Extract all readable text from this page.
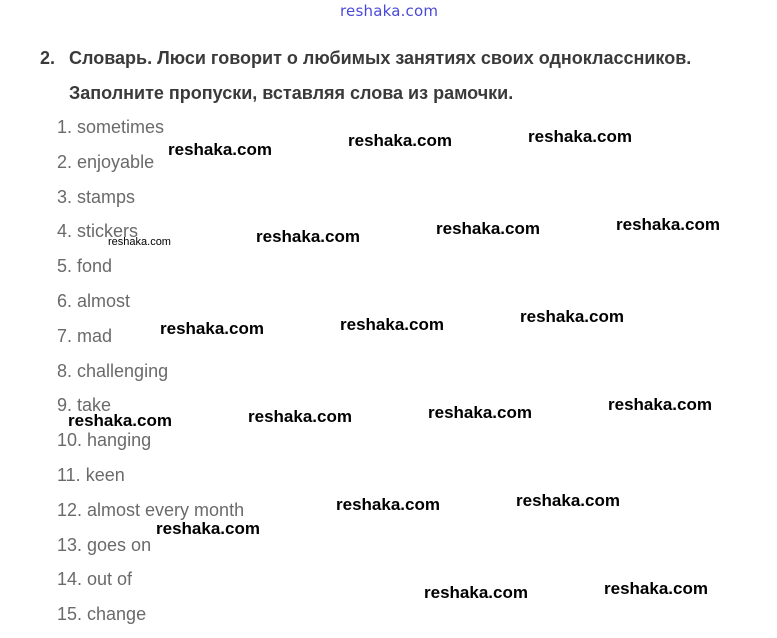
reshaka.com
2. Словарь. Люси говорит о любимых занятиях своих одноклассников.
Заполните пропуски, вставляя слова из рамочки.
1. sometimes
2. enjoyable
3. stamps
4. stickers
5. fond
6. almost
7. mad
8. challenging
9. take
10. hanging
11. keen
12. almost every month
13. goes on
14. out of
15. change
reshaka.com
reshaka.com
reshaka.com
reshaka.com
reshaka.com
reshaka.com
reshaka.com
reshaka.com
reshaka.com
reshaka.com
reshaka.com
reshaka.com
reshaka.com
reshaka.com
reshaka.com
reshaka.com
reshaka.com
reshaka.com
reshaka.com
